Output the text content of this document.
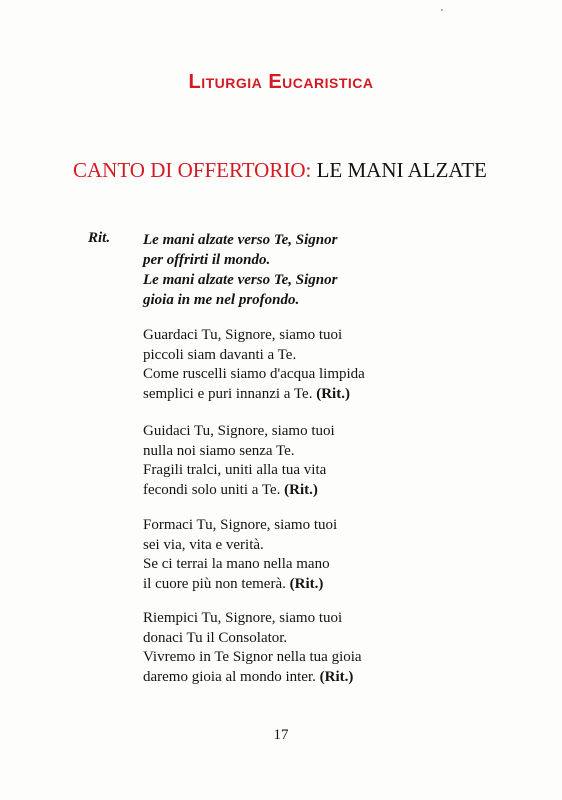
Liturgia Eucaristica
CANTO DI OFFERTORIO: LE MANI ALZATE
Rit. Le mani alzate verso Te, Signor
per offrirti il mondo.
Le mani alzate verso Te, Signor
gioia in me nel profondo.
Guardaci Tu, Signore, siamo tuoi
piccoli siam davanti a Te.
Come ruscelli siamo d'acqua limpida
semplici e puri innanzi a Te. (Rit.)
Guidaci Tu, Signore, siamo tuoi
nulla noi siamo senza Te.
Fragili tralci, uniti alla tua vita
fecondi solo uniti a Te. (Rit.)
Formaci Tu, Signore, siamo tuoi
sei via, vita e verità.
Se ci terrai la mano nella mano
il cuore più non temerà. (Rit.)
Riempici Tu, Signore, siamo tuoi
donaci Tu il Consolator.
Vivremo in Te Signor nella tua gioia
daremo gioia al mondo inter. (Rit.)
17
